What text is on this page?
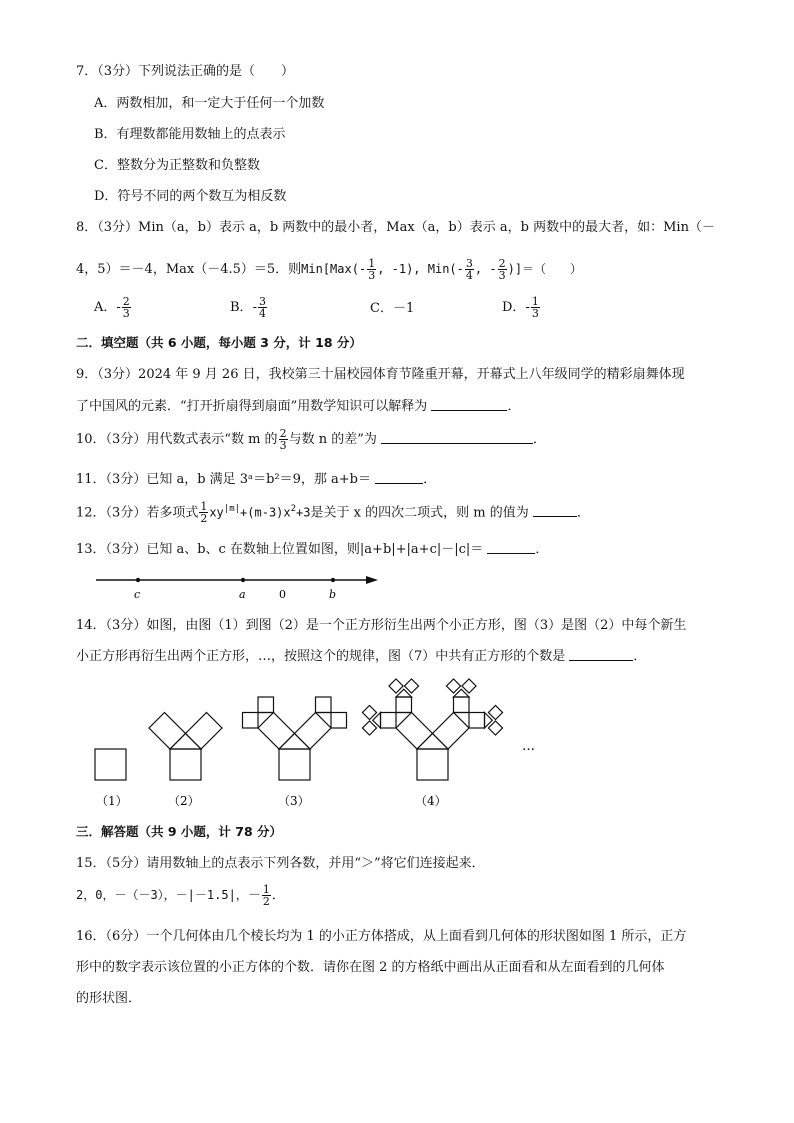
7．（3分）下列说法正确的是（　　）
A．两数相加，和一定大于任何一个加数
B．有理数都能用数轴上的点表示
C．整数分为正整数和负整数
D．符号不同的两个数互为相反数
8．（3分）Min（a，b）表示 a，b 两数中的最小者，Max（a，b）表示 a，b 两数中的最大者，如：Min（－
4，5）＝－4，Max（－4.5）＝5．则$Min[Max(- \frac{1}{3}$ , -1), $Min(- \frac{3}{4}$ , - $\frac{2}{3}$ )]＝（　　）
A．- $\frac{2}{3}$	B．- $\frac{3}{4}$	C．－1	D．- $\frac{1}{3}$
二．填空题（共 6 小题，每小题 3 分，计 18 分）
9．（3分）2024 年 9 月 26 日，我校第三十届校园体育节隆重开幕，开幕式上八年级同学的精彩扇舞体现
了中国风的元素．“打开折扇得到扇面”用数学知识可以解释为	．
10．（3分）用代数式表示“数 m 的 $\frac{2}{3}$ 与数 n 的差”为	．
11．（3分）已知 a，b 满足 3ᵃ＝b²＝9，那 a+b＝	．
12．（3分）若多项式 $\frac{1}{2} xy^{|m|}+(m-3)x^2+3$是关于 x 的四次二项式，则 m 的值为	．
13．（3分）已知 a、b、c 在数轴上位置如图，则|a+b|+|a+c|－|c|＝	．
c	a	0	b
14．（3分）如图，由图（1）到图（2）是一个正方形衍生出两个小正方形，图（3）是图（2）中每个新生
小正方形再衍生出两个正方形，…，按照这个的规律，图（7）中共有正方形的个数是	．
…
（1）	（2）	（3）	（4）
三．解答题（共 9 小题，计 78 分）
15．（5分）请用数轴上的点表示下列各数，并用“＞”将它们连接起来．
2，0，－（－3），－|－1.5|，－ $\frac{1}{2}$ ．
16．（6分）一个几何体由几个棱长均为 1 的小正方体搭成，从上面看到几何体的形状图如图 1 所示，正方
形中的数字表示该位置的小正方体的个数．请你在图 2 的方格纸中画出从正面看和从左面看到的几何体
的形状图．
